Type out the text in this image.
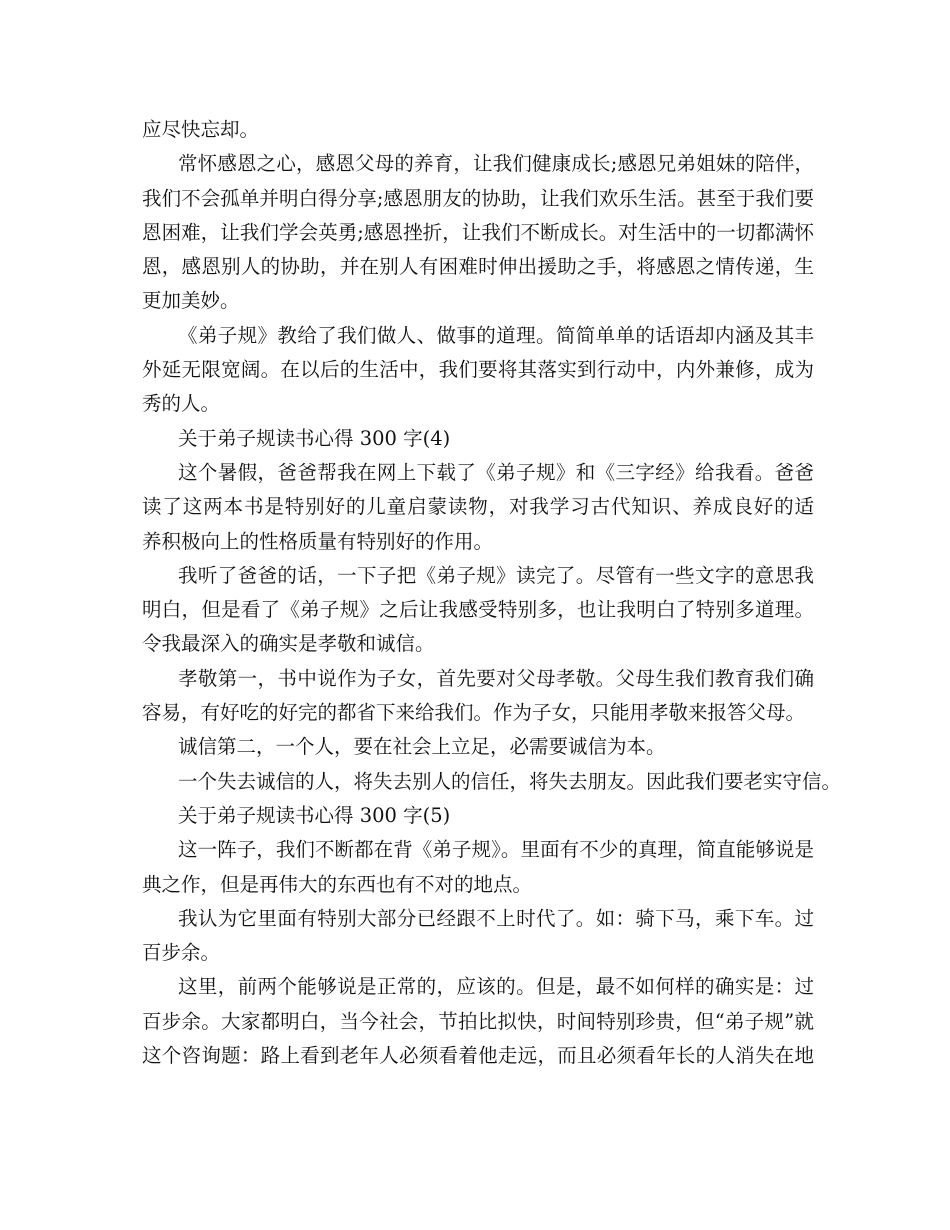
应尽快忘却。
常怀感恩之心，感恩父母的养育，让我们健康成长;感恩兄弟姐妹的陪伴，
我们不会孤单并明白得分享;感恩朋友的协助，让我们欢乐生活。甚至于我们要
恩困难，让我们学会英勇;感恩挫折，让我们不断成长。对生活中的一切都满怀
恩，感恩别人的协助，并在别人有困难时伸出援助之手，将感恩之情传递，生
更加美妙。
《弟子规》教给了我们做人、做事的道理。简简单单的话语却内涵及其丰
外延无限宽阔。在以后的生活中，我们要将其落实到行动中，内外兼修，成为
秀的人。
关于弟子规读书心得 300 字(4)
这个暑假，爸爸帮我在网上下载了《弟子规》和《三字经》给我看。爸爸
读了这两本书是特别好的儿童启蒙读物，对我学习古代知识、养成良好的适
养积极向上的性格质量有特别好的作用。
我听了爸爸的话，一下子把《弟子规》读完了。尽管有一些文字的意思我
明白，但是看了《弟子规》之后让我感受特别多，也让我明白了特别多道理。
令我最深入的确实是孝敬和诚信。
孝敬第一，书中说作为子女，首先要对父母孝敬。父母生我们教育我们确
容易，有好吃的好完的都省下来给我们。作为子女，只能用孝敬来报答父母。
诚信第二，一个人，要在社会上立足，必需要诚信为本。
一个失去诚信的人，将失去别人的信任，将失去朋友。因此我们要老实守信。
关于弟子规读书心得 300 字(5)
这一阵子，我们不断都在背《弟子规》。里面有不少的真理，简直能够说是
典之作，但是再伟大的东西也有不对的地点。
我认为它里面有特别大部分已经跟不上时代了。如：骑下马，乘下车。过
百步余。
这里，前两个能够说是正常的，应该的。但是，最不如何样的确实是：过
百步余。大家都明白，当今社会，节拍比拟快，时间特别珍贵，但“弟子规”就
这个咨询题：路上看到老年人必须看着他走远，而且必须看年长的人消失在地
